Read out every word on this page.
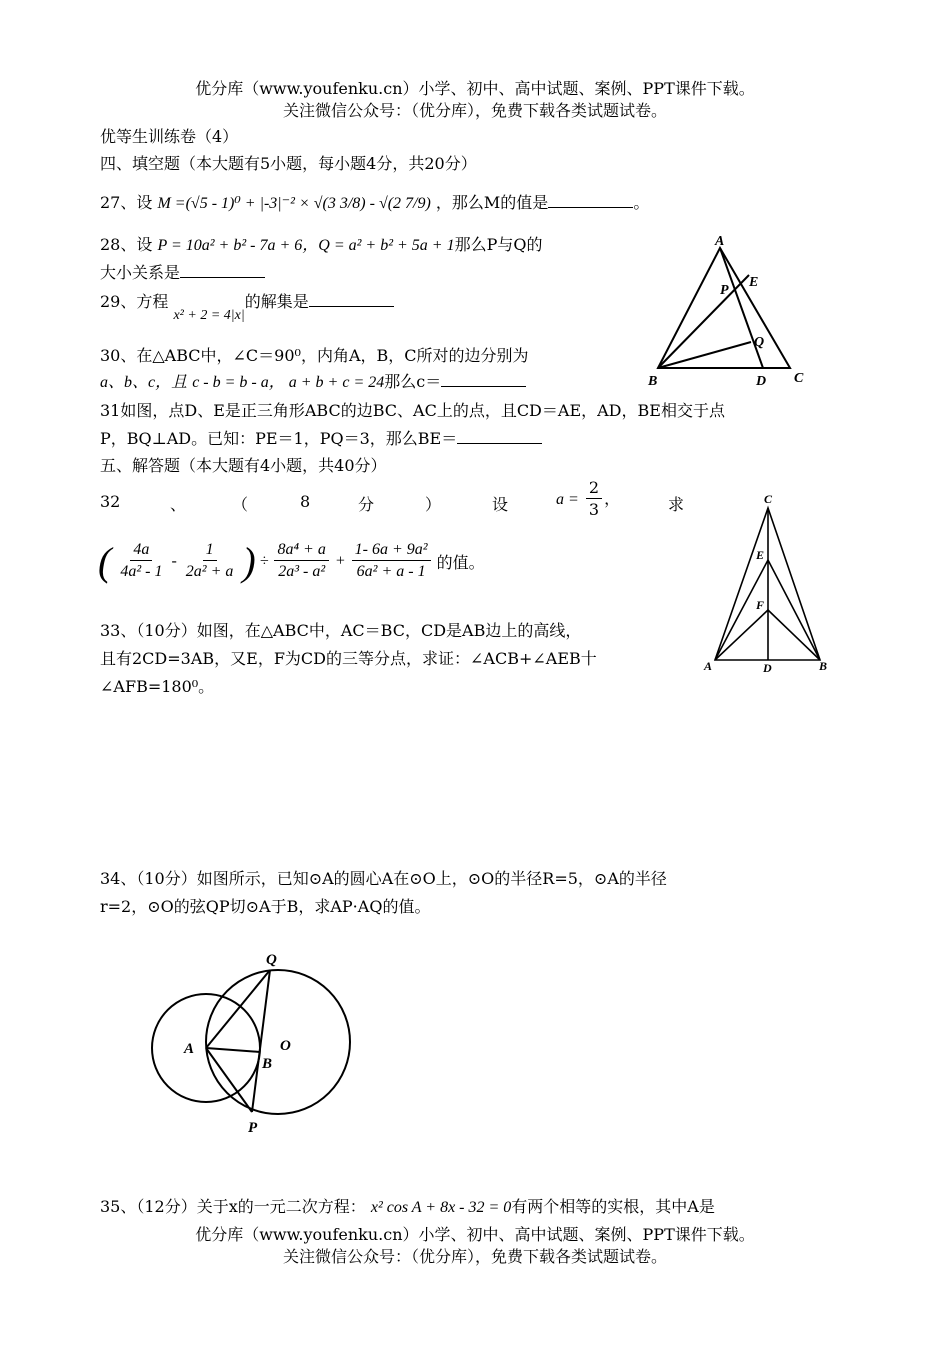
优分库（www.youfenku.cn）小学、初中、高中试题、案例、PPT课件下载。
关注微信公众号：（优分库），免费下载各类试题试卷。
优等生训练卷（4）
四、填空题（本大题有5小题，每小题4分，共20分）
27、设 M =(√5 - 1)⁰ + |-3|⁻² × √(3 3/8) - √(2 7/9) ，那么M的值是	。
28、设 P = 10a² + b² - 7a + 6，Q = a² + b² + 5a + 1那么P与Q的
大小关系是
29、方程 x² + 2 = 4|x|的解集是
30、在△ABC中，∠C＝90⁰，内角A，B，C所对的边分别为
a、b、c，且 c - b = b - a， a + b + c = 24那么c＝
31如图，点D、E是正三角形ABC的边BC、AC上的点，且CD＝AE，AD，BE相交于点
P，BQ⊥AD。已知：PE＝1，PQ＝3，那么BE＝
五、解答题（本大题有4小题，共40分）
32	、	（	8	分	）	设	$a = \frac{2}{3}$ ，	求
( $\frac{4a}{\text{4a² - 1}} - \frac{1}{\text{2a² + a}}$ ) ÷ $\frac{\text{8a⁴ + a}}{\text{2a³ - a²}} + \frac{\text{1- 6a + 9a²}}{\text{6a² + a - 1}}$ 的值。
33、（10分）如图，在△ABC中，AC＝BC，CD是AB边上的高线，
且有2CD=3AB，又E，F为CD的三等分点，求证：∠ACB+∠AEB十
∠AFB=180⁰。
34、（10分）如图所示，已知⊙A的圆心A在⊙O上，⊙O的半径R=5，⊙A的半径
r=2，⊙O的弦QP切⊙A于B，求AP·AQ的值。
35、（12分）关于x的一元二次方程： x² cos A + 8x - 32 = 0有两个相等的实根，其中A是
优分库（www.youfenku.cn）小学、初中、高中试题、案例、PPT课件下载。
关注微信公众号：（优分库），免费下载各类试题试卷。
A
E
P
Q
B	D C
C
E
F
A	D	B
Q
A	O
B
P
